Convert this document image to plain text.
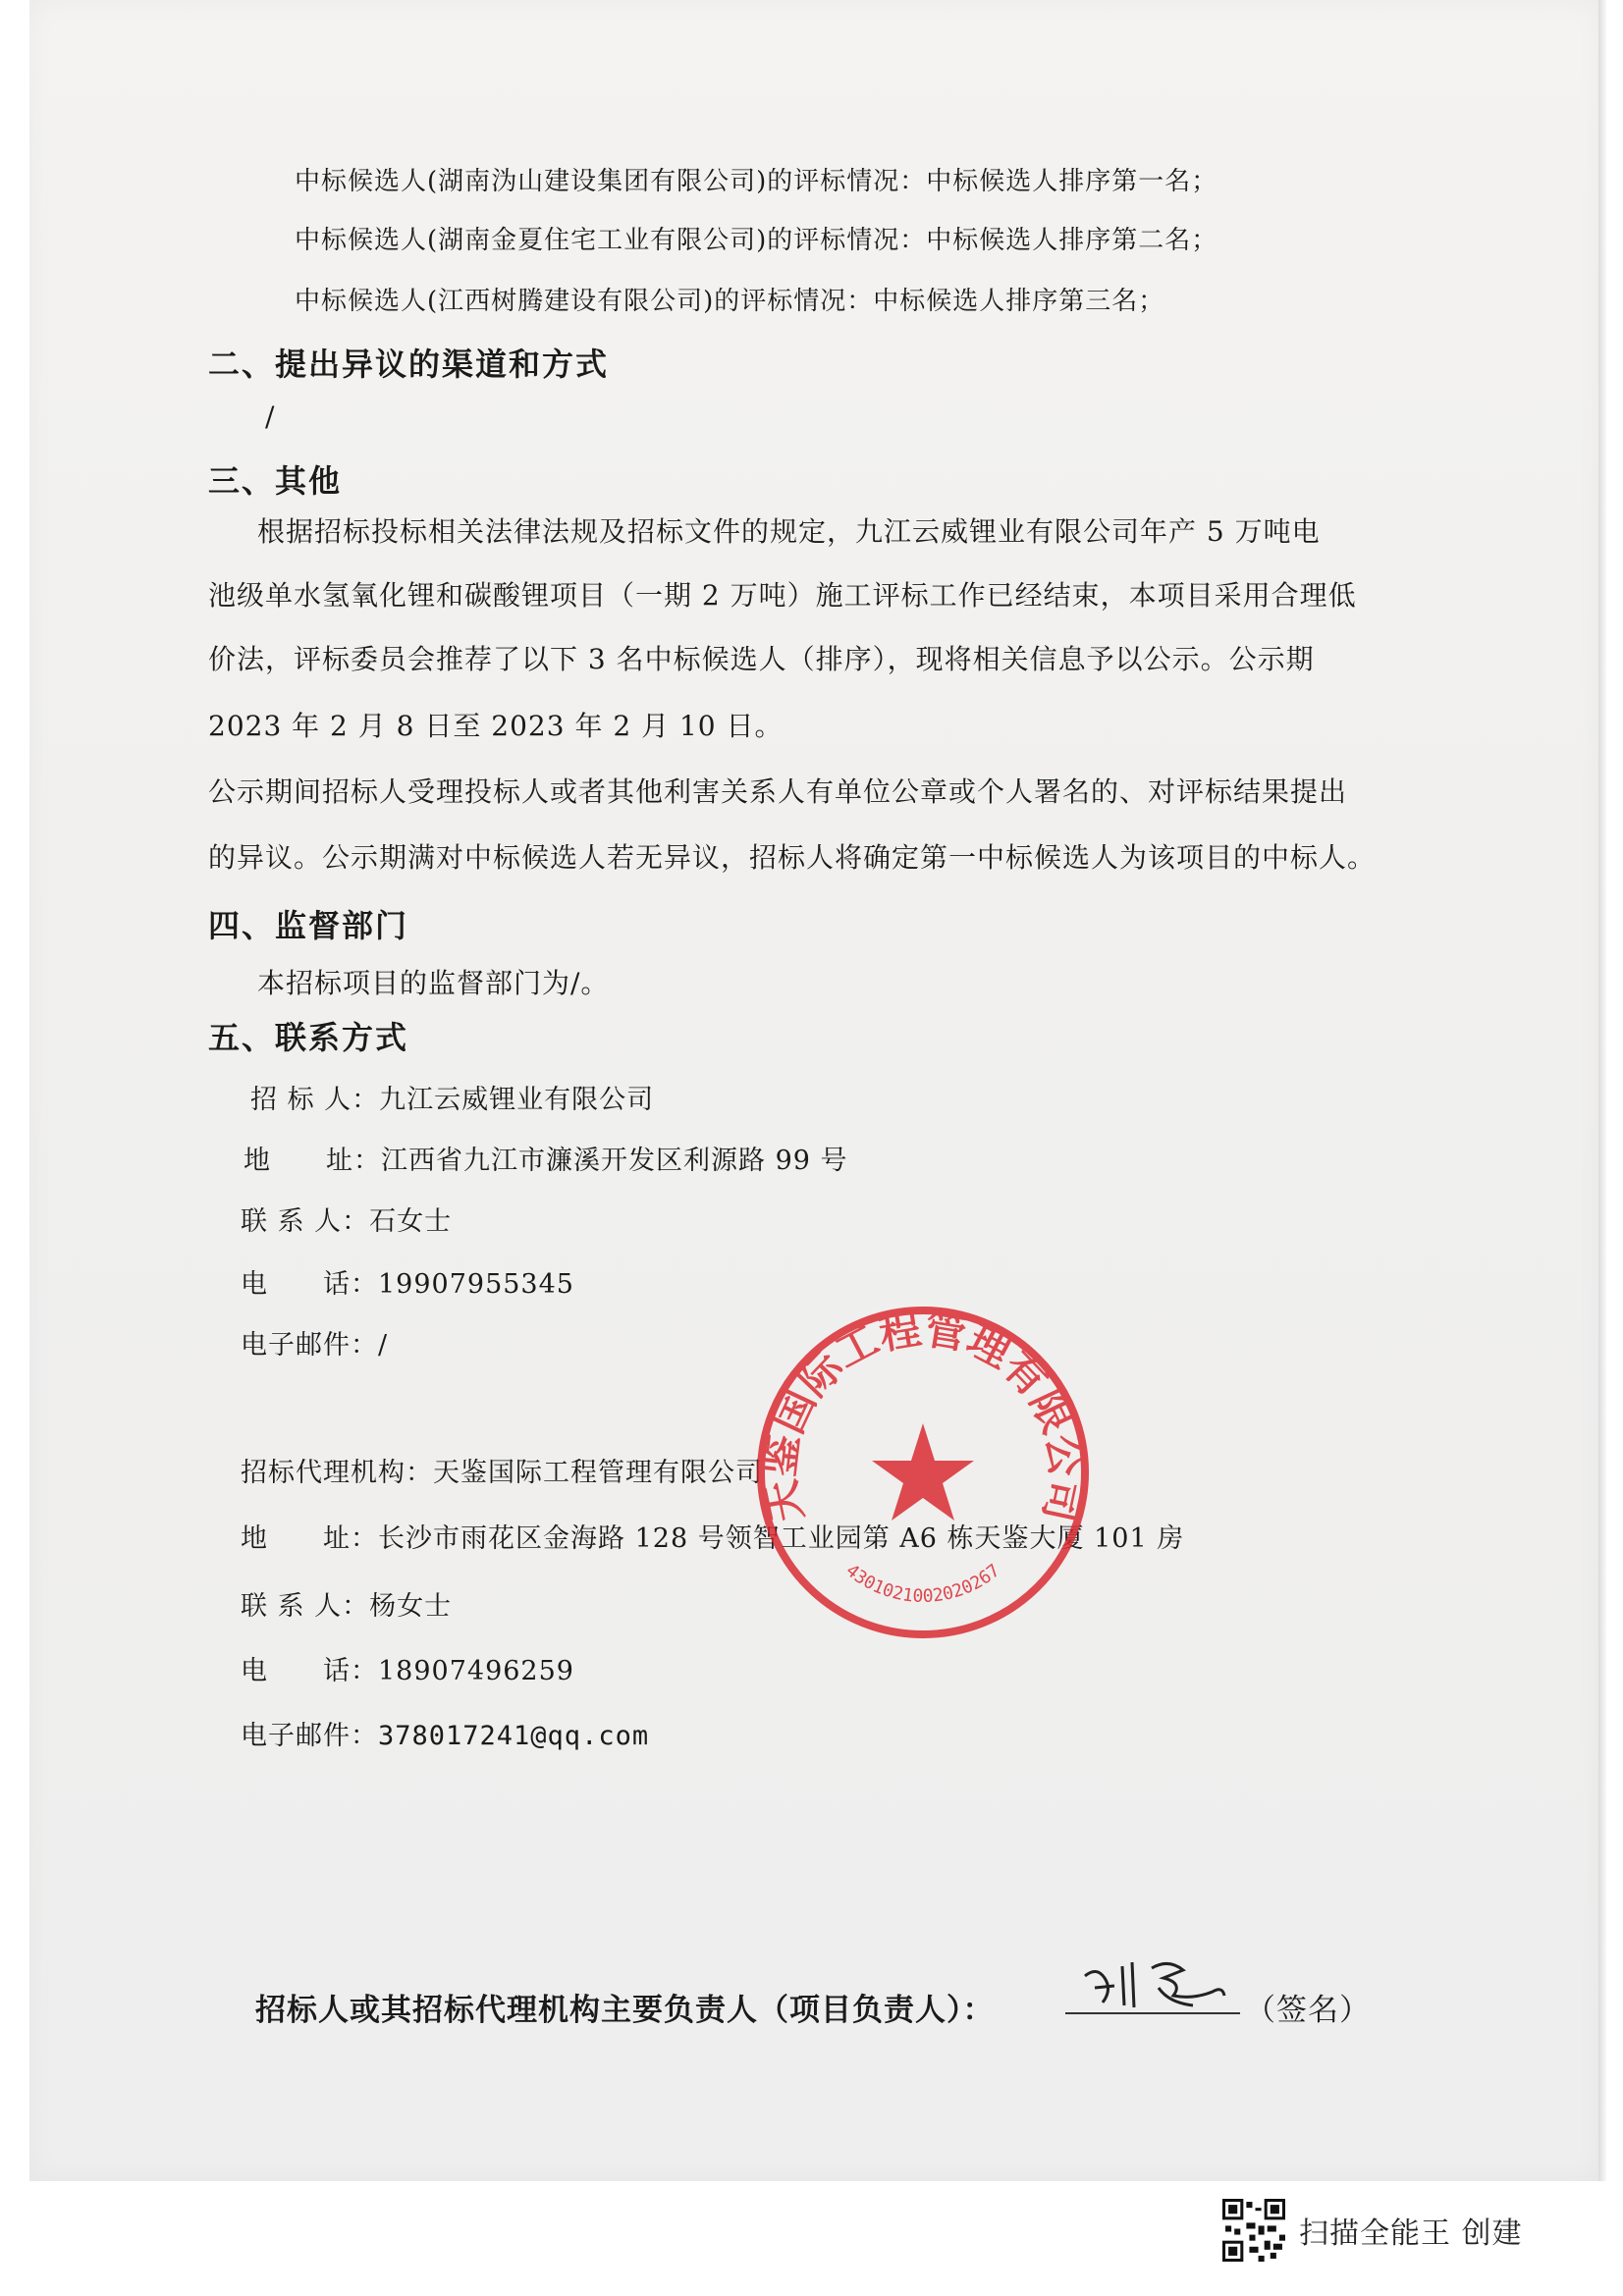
中标候选人(湖南沩山建设集团有限公司)的评标情况：中标候选人排序第一名；
中标候选人(湖南金夏住宅工业有限公司)的评标情况：中标候选人排序第二名；
中标候选人(江西树腾建设有限公司)的评标情况：中标候选人排序第三名；
二、提出异议的渠道和方式
/
三、其他
根据招标投标相关法律法规及招标文件的规定，九江云威锂业有限公司年产 5 万吨电
池级单水氢氧化锂和碳酸锂项目（一期 2 万吨）施工评标工作已经结束，本项目采用合理低
价法，评标委员会推荐了以下 3 名中标候选人（排序），现将相关信息予以公示。公示期
2023 年 2 月 8 日至 2023 年 2 月 10 日。
公示期间招标人受理投标人或者其他利害关系人有单位公章或个人署名的、对评标结果提出
的异议。公示期满对中标候选人若无异议，招标人将确定第一中标候选人为该项目的中标人。
四、监督部门
本招标项目的监督部门为/。
五、联系方式
招 标 人：九江云威锂业有限公司
地　　址：江西省九江市濂溪开发区利源路 99 号
联 系 人：石女士
电　　话：19907955345
电子邮件：/
招标代理机构：天鉴国际工程管理有限公司
地　　址：长沙市雨花区金海路 128 号领智工业园第 A6 栋天鉴大厦 101 房
联 系 人：杨女士
电　　话：18907496259
电子邮件：378017241@qq.com
天鉴国际工程管理有限公司
4301021002020267
招标人或其招标代理机构主要负责人（项目负责人）：	（签名）
扫描全能王 创建
